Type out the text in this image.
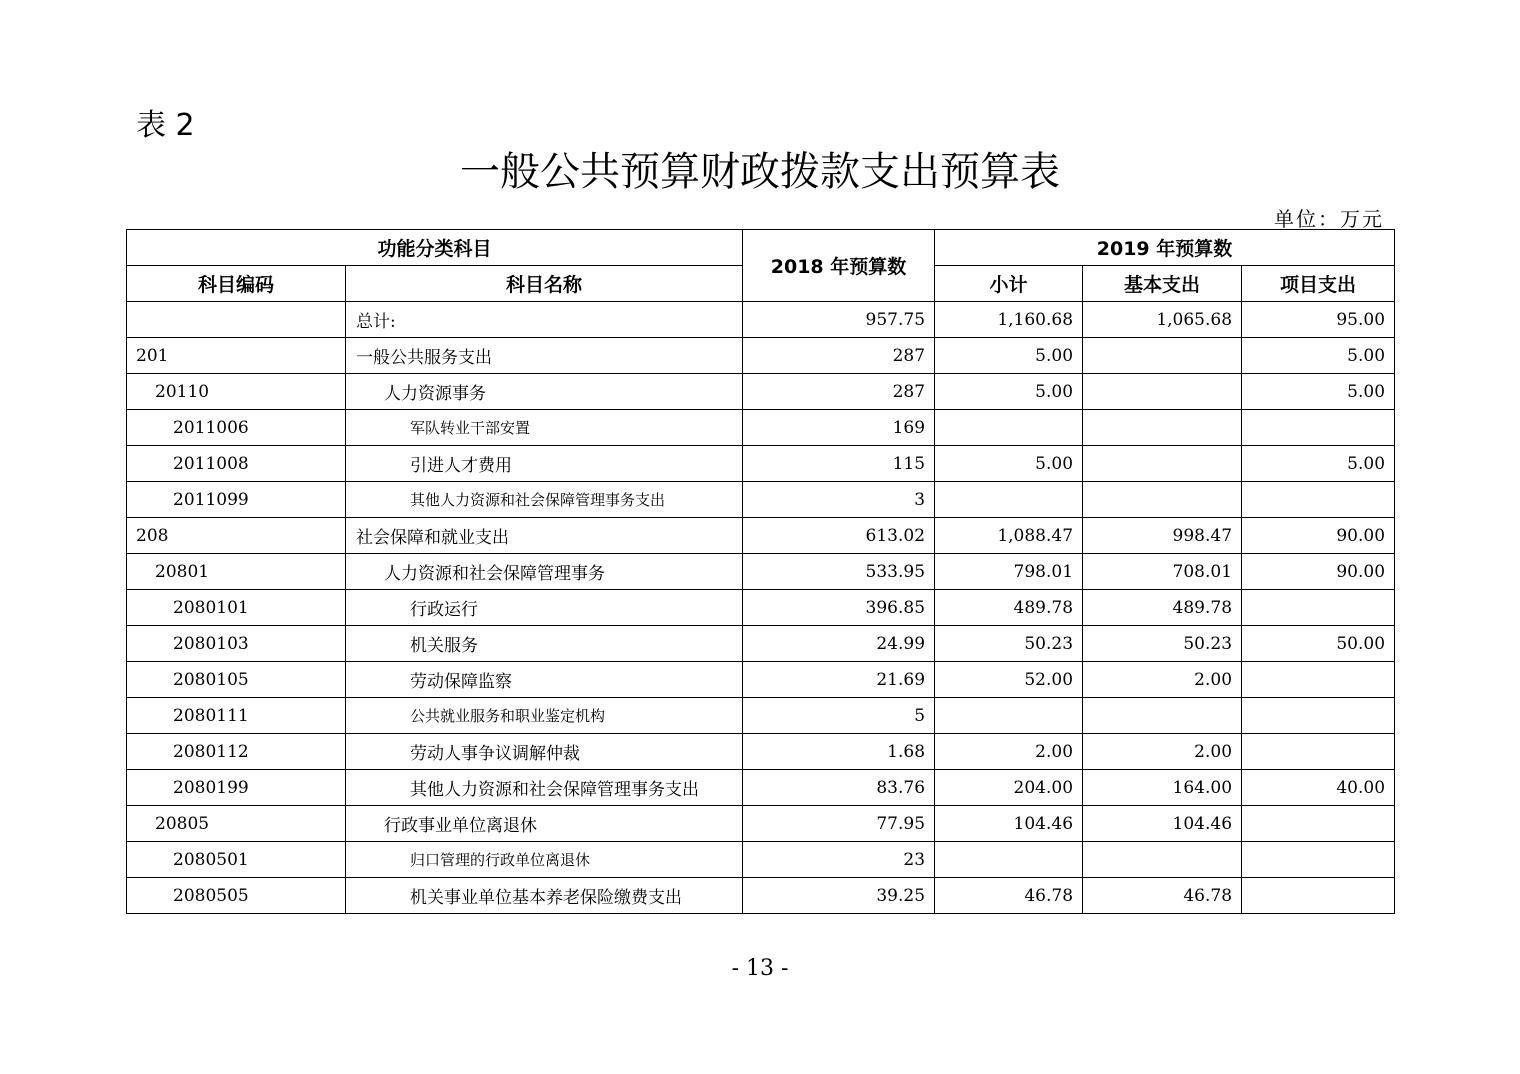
表 2
一般公共预算财政拨款支出预算表
单位：万元
功能分类科目		2018 年预算数	2019 年预算数		
科目编码	科目名称		小计	基本支出	项目支出
	总计:	957.75	1,160.68	1,065.68	95.00
201	一般公共服务支出	287	5.00		5.00
20110	人力资源事务	287	5.00		5.00
2011006	军队转业干部安置	169			
2011008	引进人才费用	115	5.00		5.00
2011099	其他人力资源和社会保障管理事务支出	3			
208	社会保障和就业支出	613.02	1,088.47	998.47	90.00
20801	人力资源和社会保障管理事务	533.95	798.01	708.01	90.00
2080101	行政运行	396.85	489.78	489.78	
2080103	机关服务	24.99	50.23	50.23	50.00
2080105	劳动保障监察	21.69	52.00	2.00	
2080111	公共就业服务和职业鉴定机构	5			
2080112	劳动人事争议调解仲裁	1.68	2.00	2.00	
2080199	其他人力资源和社会保障管理事务支出	83.76	204.00	164.00	40.00
20805	行政事业单位离退休	77.95	104.46	104.46	
2080501	归口管理的行政单位离退休	23			
2080505	机关事业单位基本养老保险缴费支出	39.25	46.78	46.78	
- 13 -
